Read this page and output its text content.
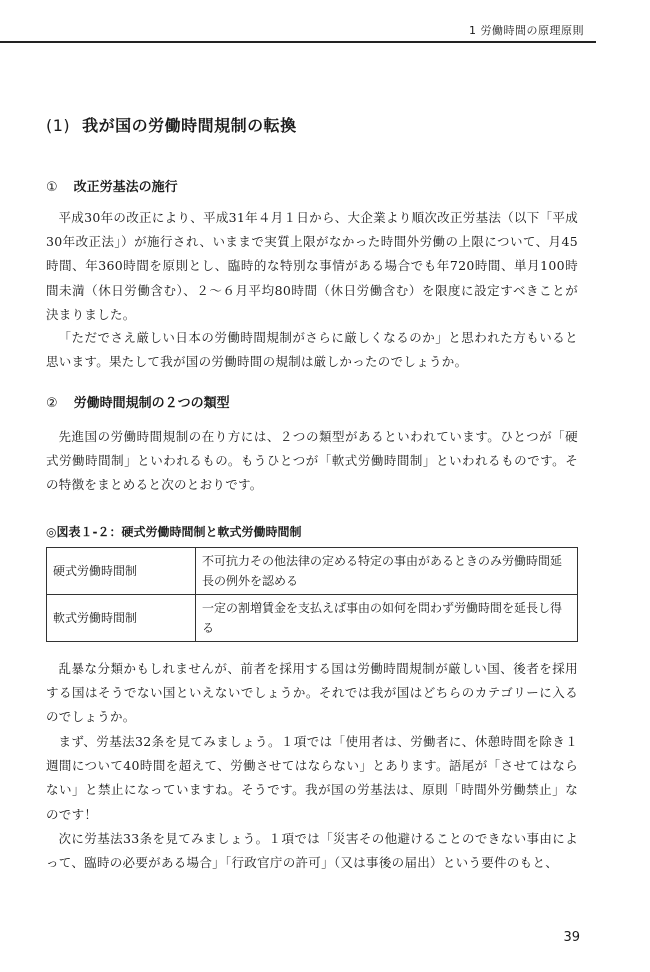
1 労働時間の原理原則
(1) 我が国の労働時間規制の転換
① 改正労基法の施行

平成30年の改正により、平成31年４月１日から、大企業より順次改正労基法（以下「平成30年改正法」）が施行され、いままで実質上限がなかった時間外労働の上限について、月45時間、年360時間を原則とし、臨時的な特別な事情がある場合でも年720時間、単月100時間未満（休日労働含む）、２～６月平均80時間（休日労働含む）を限度に設定すべきことが決まりました。

「ただでさえ厳しい日本の労働時間規制がさらに厳しくなるのか」と思われた方もいると思います。果たして我が国の労働時間の規制は厳しかったのでしょうか。

② 労働時間規制の２つの類型

先進国の労働時間規制の在り方には、２つの類型があるといわれています。ひとつが「硬式労働時間制」といわれるもの。もうひとつが「軟式労働時間制」といわれるものです。その特徴をまとめると次のとおりです。

◎図表１-２：硬式労働時間制と軟式労働時間制
硬式労働時間制	不可抗力その他法律の定める特定の事由があるときのみ労働時間延長の例外を認める
軟式労働時間制	一定の割増賃金を支払えば事由の如何を問わず労働時間を延長し得る

乱暴な分類かもしれませんが、前者を採用する国は労働時間規制が厳しい国、後者を採用する国はそうでない国といえないでしょうか。それでは我が国はどちらのカテゴリーに入るのでしょうか。

まず、労基法32条を見てみましょう。１項では「使用者は、労働者に、休憩時間を除き１週間について40時間を超えて、労働させてはならない」とあります。語尾が「させてはならない」と禁止になっていますね。そうです。我が国の労基法は、原則「時間外労働禁止」なのです！

次に労基法33条を見てみましょう。１項では「災害その他避けることのできない事由によって、臨時の必要がある場合」「行政官庁の許可」（又は事後の届出）という要件のもと、

39
